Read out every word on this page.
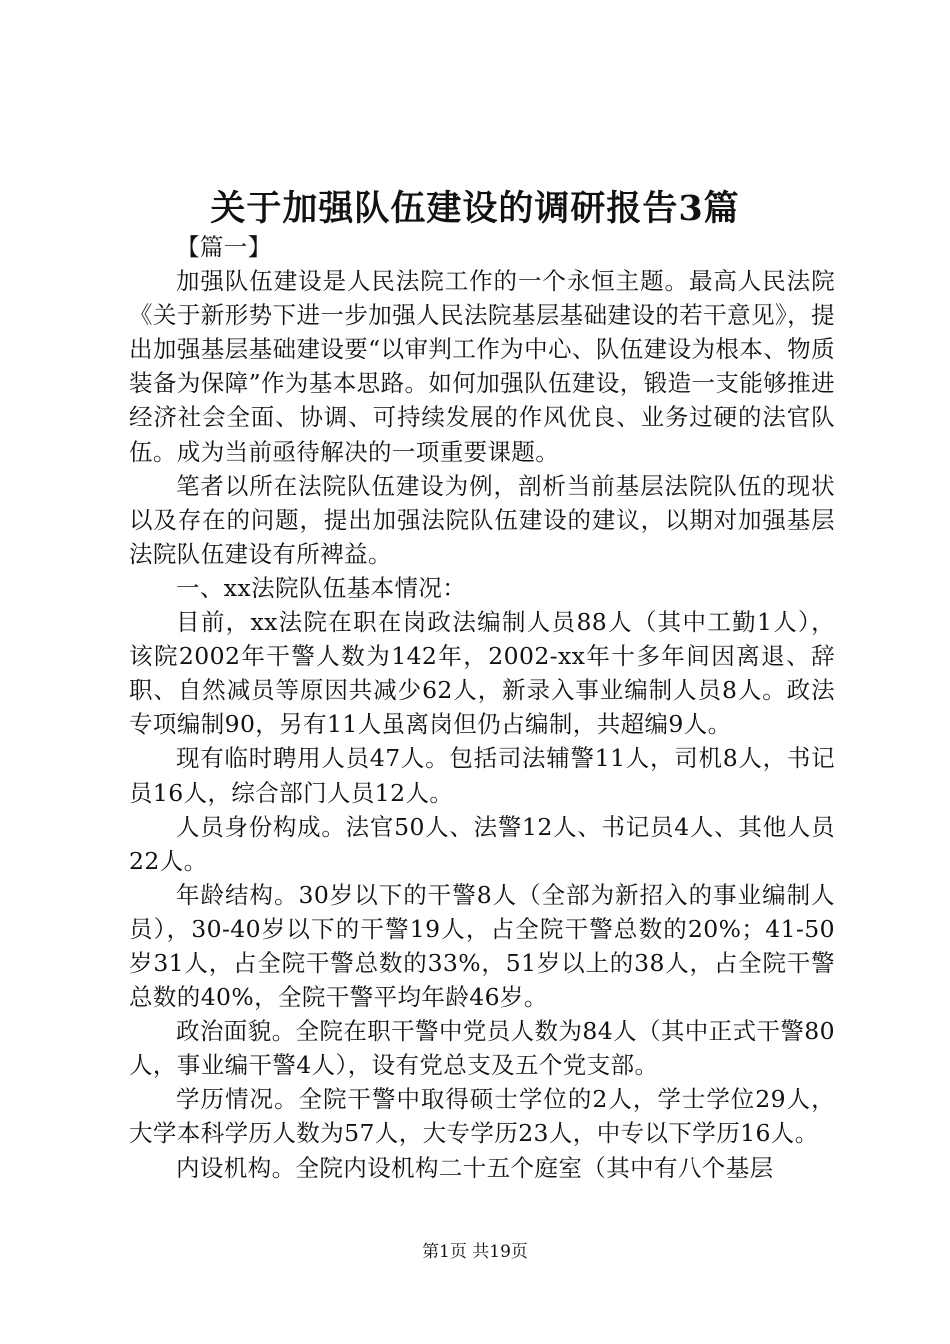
关于加强队伍建设的调研报告3篇

【篇一】

加强队伍建设是人民法院工作的一个永恒主题。最高人民法院《关于新形势下进一步加强人民法院基层基础建设的若干意见》，提出加强基层基础建设要“以审判工作为中心、队伍建设为根本、物质装备为保障”作为基本思路。如何加强队伍建设，锻造一支能够推进经济社会全面、协调、可持续发展的作风优良、业务过硬的法官队伍。成为当前亟待解决的一项重要课题。

笔者以所在法院队伍建设为例，剖析当前基层法院队伍的现状以及存在的问题，提出加强法院队伍建设的建议，以期对加强基层法院队伍建设有所裨益。

一、xx法院队伍基本情况：

目前，xx法院在职在岗政法编制人员88人（其中工勤1人），该院2002年干警人数为142年，2002-xx年十多年间因离退、辞职、自然减员等原因共减少62人，新录入事业编制人员8人。政法专项编制90，另有11人虽离岗但仍占编制，共超编9人。

现有临时聘用人员47人。包括司法辅警11人，司机8人，书记员16人，综合部门人员12人。

人员身份构成。法官50人、法警12人、书记员4人、其他人员22人。

年龄结构。30岁以下的干警8人（全部为新招入的事业编制人员），30-40岁以下的干警19人，占全院干警总数的20%；41-50岁31人，占全院干警总数的33%，51岁以上的38人，占全院干警总数的40%，全院干警平均年龄46岁。

政治面貌。全院在职干警中党员人数为84人（其中正式干警80人，事业编干警4人），设有党总支及五个党支部。

学历情况。全院干警中取得硕士学位的2人，学士学位29人，大学本科学历人数为57人，大专学历23人，中专以下学历16人。

内设机构。全院内设机构二十五个庭室（其中有八个基层

第1页 共19页
